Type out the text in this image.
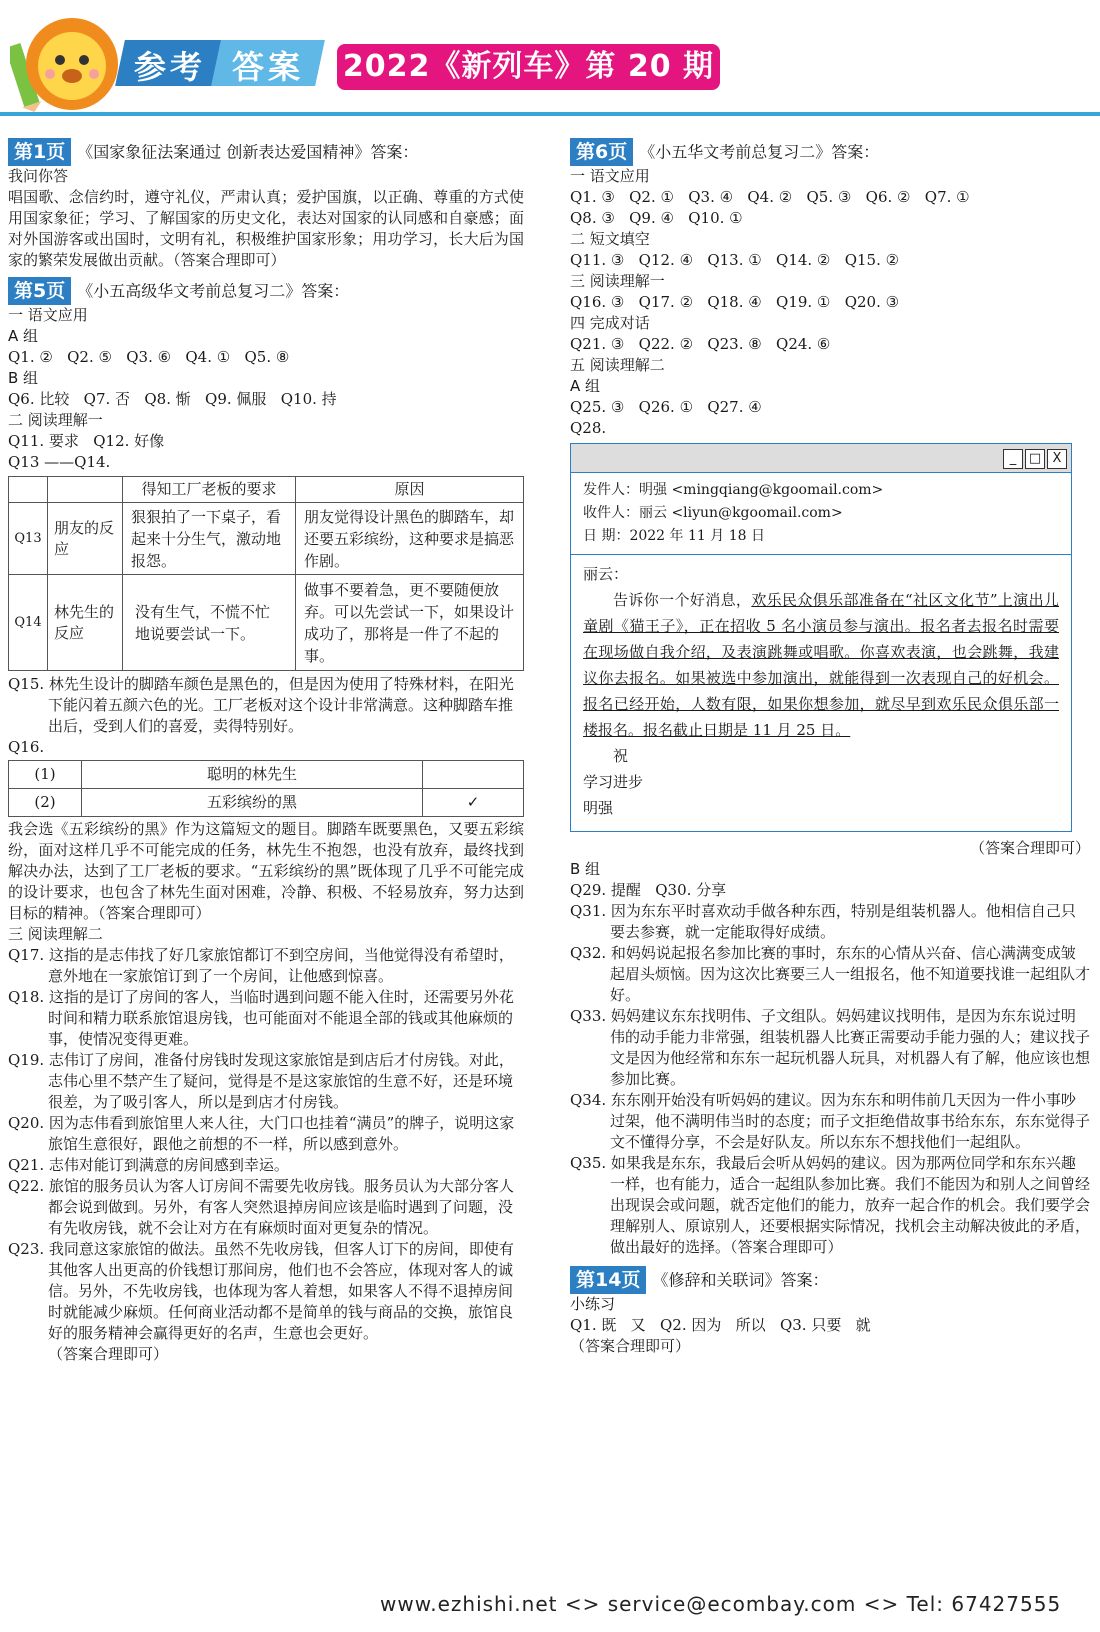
参考 答案 2022《新列车》第 20 期
第1页 《国家象征法案通过 创新表达爱国精神》答案：

我问你答

唱国歌、念信约时，遵守礼仪，严肃认真；爱护国旗，以正确、尊重的方式使用国家象征；学习、了解国家的历史文化，表达对国家的认同感和自豪感；面对外国游客或出国时，文明有礼，积极维护国家形象；用功学习，长大后为国家的繁荣发展做出贡献。（答案合理即可）

第5页 《小五高级华文考前总复习二》答案：

一 语文应用

A 组

Q1. ②   Q2. ⑤   Q3. ⑥   Q4. ①   Q5. ⑧

B 组

Q6. 比较   Q7. 否   Q8. 惭   Q9. 佩服   Q10. 持

二 阅读理解一

Q11. 要求   Q12. 好像

Q13 ——Q14.

		得知工厂老板的要求	原因
Q13	朋友的反应	狠狠拍了一下桌子，看起来十分生气，激动地报怨。	朋友觉得设计黑色的脚踏车，却还要五彩缤纷，这种要求是搞恶作剧。
Q14	林先生的反应	没有生气，不慌不忙地说要尝试一下。	做事不要着急，更不要随便放弃。可以先尝试一下，如果设计成功了，那将是一件了不起的事。

Q15. 林先生设计的脚踏车颜色是黑色的，但是因为使用了特殊材料，在阳光下能闪着五颜六色的光。工厂老板对这个设计非常满意。这种脚踏车推出后，受到人们的喜爱，卖得特别好。

Q16.

(1)	聪明的林先生	
(2)	五彩缤纷的黑	✓

我会选《五彩缤纷的黑》作为这篇短文的题目。脚踏车既要黑色，又要五彩缤纷，面对这样几乎不可能完成的任务，林先生不抱怨，也没有放弃，最终找到解决办法，达到了工厂老板的要求。“五彩缤纷的黑”既体现了几乎不可能完成的设计要求，也包含了林先生面对困难，冷静、积极、不轻易放弃，努力达到目标的精神。（答案合理即可）

三 阅读理解二

Q17. 这指的是志伟找了好几家旅馆都订不到空房间，当他觉得没有希望时，意外地在一家旅馆订到了一个房间，让他感到惊喜。

Q18. 这指的是订了房间的客人，当临时遇到问题不能入住时，还需要另外花时间和精力联系旅馆退房钱，也可能面对不能退全部的钱或其他麻烦的事，使情况变得更难。

Q19. 志伟订了房间，准备付房钱时发现这家旅馆是到店后才付房钱。对此，志伟心里不禁产生了疑问，觉得是不是这家旅馆的生意不好，还是环境很差，为了吸引客人，所以是到店才付房钱。

Q20. 因为志伟看到旅馆里人来人往，大门口也挂着“满员”的牌子，说明这家旅馆生意很好，跟他之前想的不一样，所以感到意外。

Q21. 志伟对能订到满意的房间感到幸运。

Q22. 旅馆的服务员认为客人订房间不需要先收房钱。服务员认为大部分客人都会说到做到。另外，有客人突然退掉房间应该是临时遇到了问题，没有先收房钱，就不会让对方在有麻烦时面对更复杂的情况。

Q23. 我同意这家旅馆的做法。虽然不先收房钱，但客人订下的房间，即使有其他客人出更高的价钱想订那间房，他们也不会答应，体现对客人的诚信。另外，不先收房钱，也体现为客人着想，如果客人不得不退掉房间时就能减少麻烦。任何商业活动都不是简单的钱与商品的交换，旅馆良好的服务精神会赢得更好的名声，生意也会更好。

（答案合理即可）

第6页 《小五华文考前总复习二》答案：

一 语文应用

Q1. ③   Q2. ①   Q3. ④   Q4. ②   Q5. ③   Q6. ②   Q7. ①

Q8. ③   Q9. ④   Q10. ①

二 短文填空

Q11. ③   Q12. ④   Q13. ①   Q14. ②   Q15. ②

三 阅读理解一

Q16. ③   Q17. ②   Q18. ④   Q19. ①   Q20. ③

四 完成对话

Q21. ③   Q22. ②   Q23. ⑧   Q24. ⑥

五 阅读理解二

A 组

Q25. ③   Q26. ①   Q27. ④

Q28.

_ □ X
发件人：明强 <mingqiang@kgoomail.com>
收件人：丽云 <liyun@kgoomail.com>
日 期：2022 年 11 月 18 日
丽云：
告诉你一个好消息，欢乐民众俱乐部准备在“社区文化节”上演出儿童剧《猫王子》，正在招收 5 名小演员参与演出。报名者去报名时需要在现场做自我介绍，及表演跳舞或唱歌。你喜欢表演，也会跳舞，我建议你去报名。如果被选中参加演出，就能得到一次表现自己的好机会。报名已经开始，人数有限，如果你想参加，就尽早到欢乐民众俱乐部一楼报名。报名截止日期是 11 月 25 日。
祝
学习进步
明强

（答案合理即可）

B 组

Q29. 提醒   Q30. 分享

Q31. 因为东东平时喜欢动手做各种东西，特别是组装机器人。他相信自己只要去参赛，就一定能取得好成绩。

Q32. 和妈妈说起报名参加比赛的事时，东东的心情从兴奋、信心满满变成皱起眉头烦恼。因为这次比赛要三人一组报名，他不知道要找谁一起组队才好。

Q33. 妈妈建议东东找明伟、子文组队。妈妈建议找明伟，是因为东东说过明伟的动手能力非常强，组装机器人比赛正需要动手能力强的人；建议找子文是因为他经常和东东一起玩机器人玩具，对机器人有了解，他应该也想参加比赛。

Q34. 东东刚开始没有听妈妈的建议。因为东东和明伟前几天因为一件小事吵过架，他不满明伟当时的态度；而子文拒绝借故事书给东东，东东觉得子文不懂得分享，不会是好队友。所以东东不想找他们一起组队。

Q35. 如果我是东东，我最后会听从妈妈的建议。因为那两位同学和东东兴趣一样，也有能力，适合一起组队参加比赛。我们不能因为和别人之间曾经出现误会或问题，就否定他们的能力，放弃一起合作的机会。我们要学会理解别人、原谅别人，还要根据实际情况，找机会主动解决彼此的矛盾，做出最好的选择。（答案合理即可）

第14页 《修辞和关联词》答案：

小练习

Q1. 既   又   Q2. 因为   所以   Q3. 只要   就

（答案合理即可）

www.ezhishi.net <> service@ecombay.com <> Tel: 67427555
